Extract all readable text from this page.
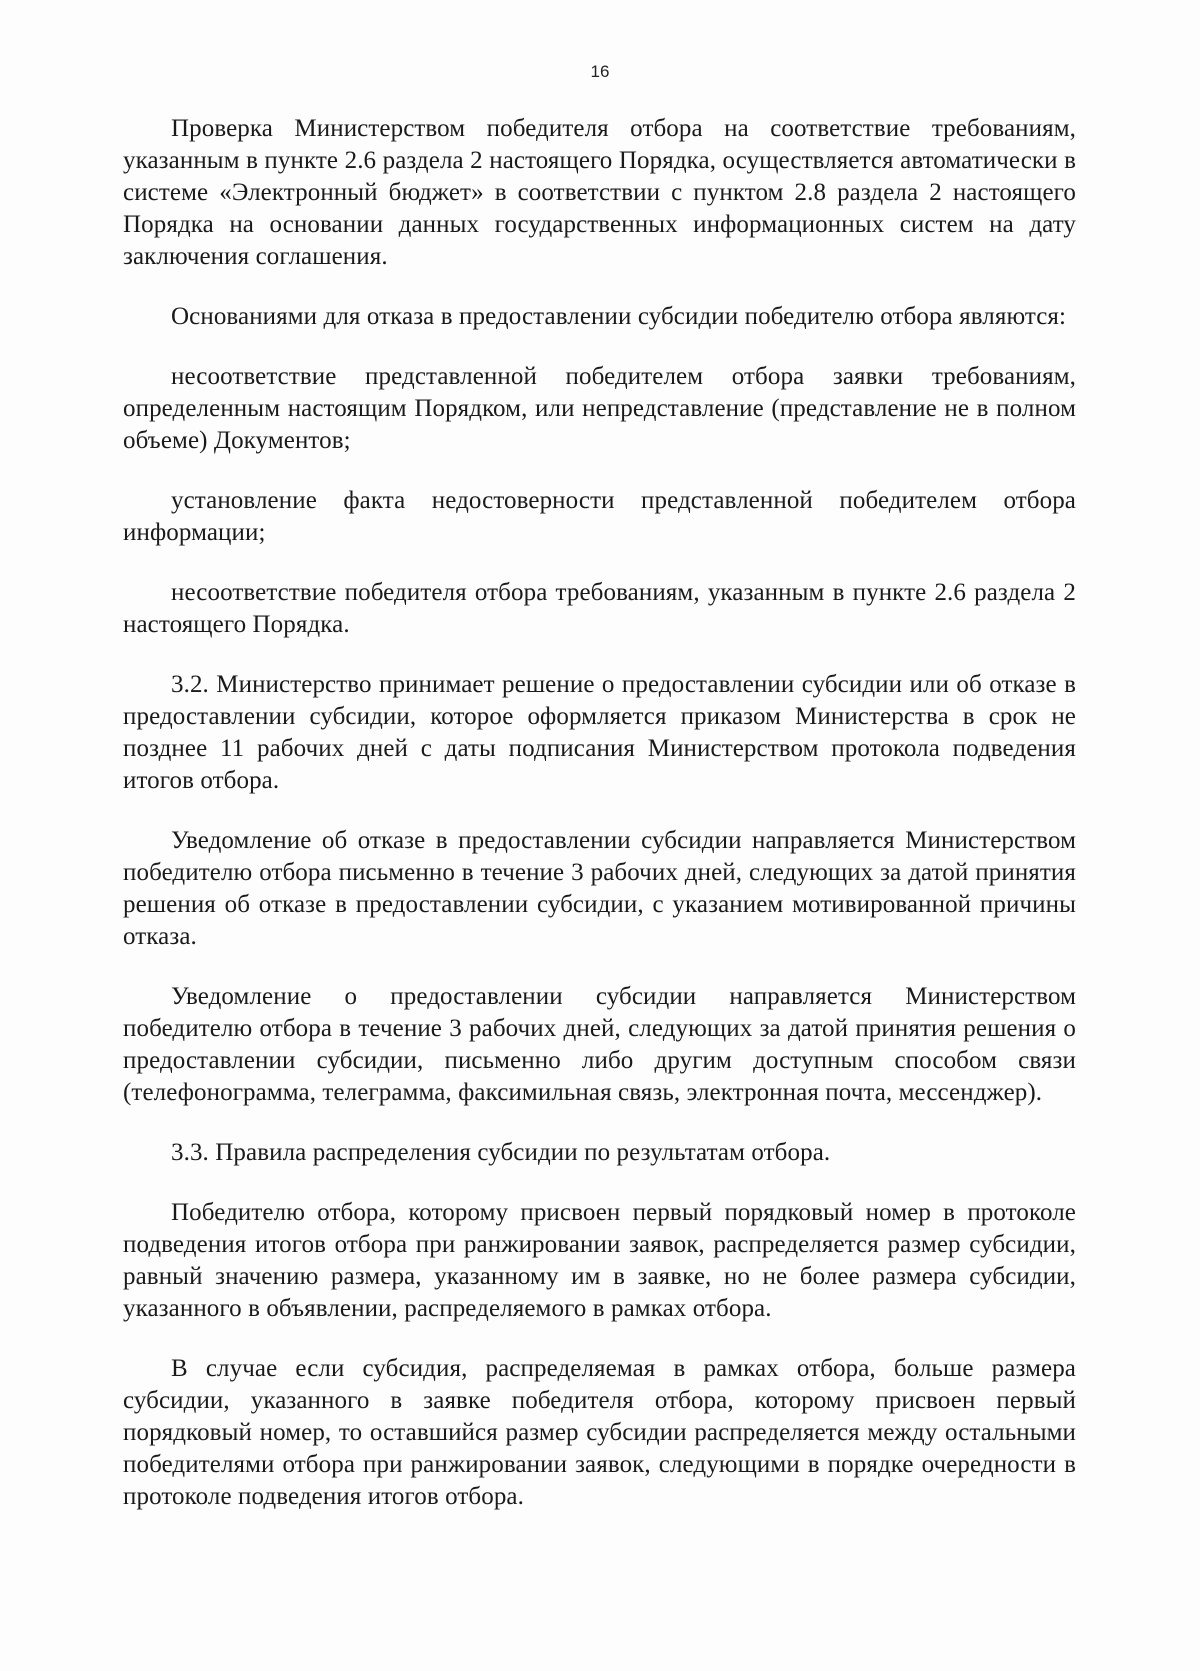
16

Проверка Министерством победителя отбора на соответствие требованиям, указанным в пункте 2.6 раздела 2 настоящего Порядка, осуществляется автоматически в системе «Электронный бюджет» в соответствии с пунктом 2.8 раздела 2 настоящего Порядка на основании данных государственных информационных систем на дату заключения соглашения.

Основаниями для отказа в предоставлении субсидии победителю отбора являются:

несоответствие представленной победителем отбора заявки требованиям, определенным настоящим Порядком, или непредставление (представление не в полном объеме) Документов;

установление факта недостоверности представленной победителем отбора информации;

несоответствие победителя отбора требованиям, указанным в пункте 2.6 раздела 2 настоящего Порядка.

3.2. Министерство принимает решение о предоставлении субсидии или об отказе в предоставлении субсидии, которое оформляется приказом Министерства в срок не позднее 11 рабочих дней с даты подписания Министерством протокола подведения итогов отбора.

Уведомление об отказе в предоставлении субсидии направляется Министерством победителю отбора письменно в течение 3 рабочих дней, следующих за датой принятия решения об отказе в предоставлении субсидии, с указанием мотивированной причины отказа.

Уведомление о предоставлении субсидии направляется Министерством победителю отбора в течение 3 рабочих дней, следующих за датой принятия решения о предоставлении субсидии, письменно либо другим доступным способом связи (телефонограмма, телеграмма, факсимильная связь, электронная почта, мессенджер).

3.3. Правила распределения субсидии по результатам отбора.

Победителю отбора, которому присвоен первый порядковый номер в протоколе подведения итогов отбора при ранжировании заявок, распределяется размер субсидии, равный значению размера, указанному им в заявке, но не более размера субсидии, указанного в объявлении, распределяемого в рамках отбора.

В случае если субсидия, распределяемая в рамках отбора, больше размера субсидии, указанного в заявке победителя отбора, которому присвоен первый порядковый номер, то оставшийся размер субсидии распределяется между остальными победителями отбора при ранжировании заявок, следующими в порядке очередности в протоколе подведения итогов отбора.
